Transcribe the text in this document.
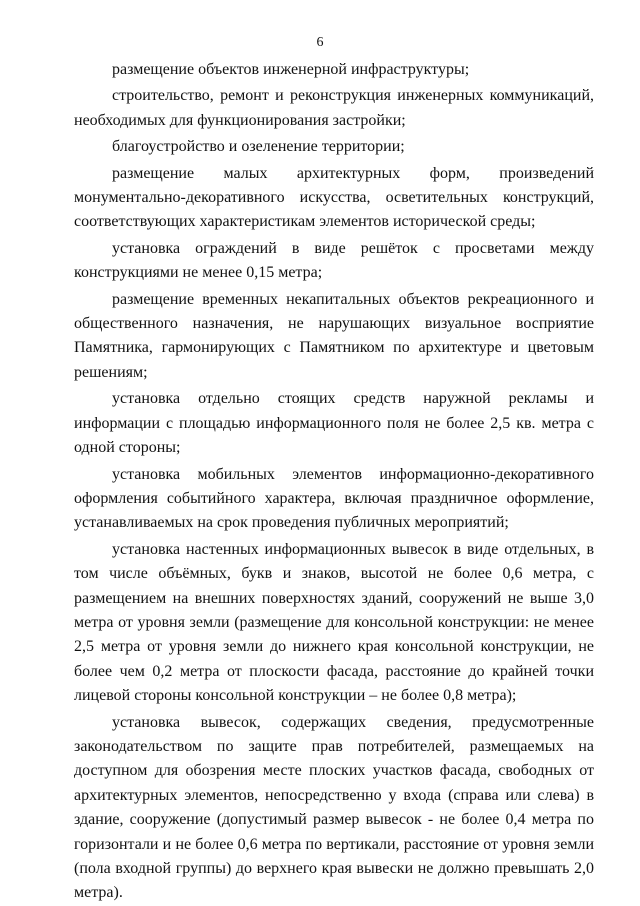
6

размещение объектов инженерной инфраструктуры;

строительство, ремонт и реконструкция инженерных коммуникаций, необходимых для функционирования застройки;

благоустройство и озеленение территории;

размещение малых архитектурных форм, произведений монументально-декоративного искусства, осветительных конструкций, соответствующих характеристикам элементов исторической среды;

установка ограждений в виде решёток с просветами между конструкциями не менее 0,15 метра;

размещение временных некапитальных объектов рекреационного и общественного назначения, не нарушающих визуальное восприятие Памятника, гармонирующих с Памятником по архитектуре и цветовым решениям;

установка отдельно стоящих средств наружной рекламы и информации с площадью информационного поля не более 2,5 кв. метра с одной стороны;

установка мобильных элементов информационно-декоративного оформления событийного характера, включая праздничное оформление, устанавливаемых на срок проведения публичных мероприятий;

установка настенных информационных вывесок в виде отдельных, в том числе объёмных, букв и знаков, высотой не более 0,6 метра, с размещением на внешних поверхностях зданий, сооружений не выше 3,0 метра от уровня земли (размещение для консольной конструкции: не менее 2,5 метра от уровня земли до нижнего края консольной конструкции, не более чем 0,2 метра от плоскости фасада, расстояние до крайней точки лицевой стороны консольной конструкции – не более 0,8 метра);

установка вывесок, содержащих сведения, предусмотренные законодательством по защите прав потребителей, размещаемых на доступном для обозрения месте плоских участков фасада, свободных от архитектурных элементов, непосредственно у входа (справа или слева) в здание, сооружение (допустимый размер вывесок - не более 0,4 метра по горизонтали и не более 0,6 метра по вертикали, расстояние от уровня земли (пола входной группы) до верхнего края вывески не должно превышать 2,0 метра).
